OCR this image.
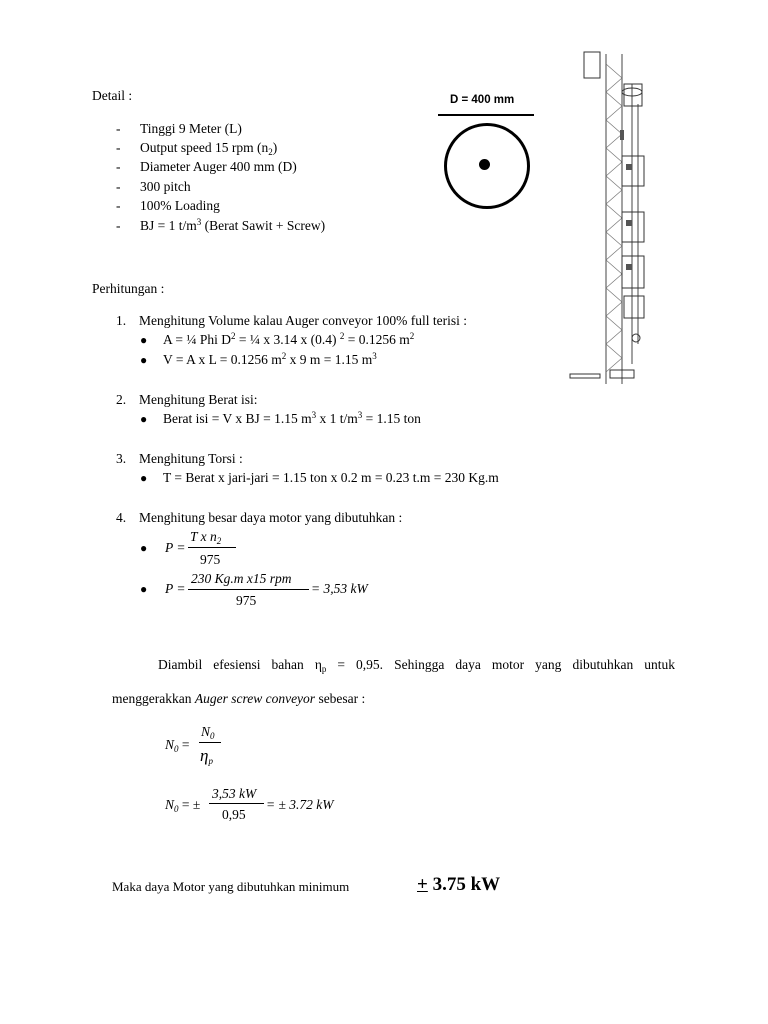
Detail :
- Tinggi 9 Meter (L)
- Output speed 15 rpm $(n_2)$
- Diameter Auger 400 mm (D)
- 300 pitch
- 100% Loading
- BJ = 1 $t/m^3$ (Berat Sawit + Screw)
D = 400 mm
Perhitungan :
1. Menghitung Volume kalau Auger conveyor 100% full terisi :
● A = ¼ Phi $D^2$ = ¼ x 3.14 x (0.4) $^2$ = 0.1256 $m^2$
● V = A x L = 0.1256 $m^2$ x 9 m = 1.15 $m^3$
2. Menghitung Berat isi:
● Berat isi = V x BJ = 1.15 $m^3$ x 1 $t/m^3 = 1.15$ ton
3. Menghitung Torsi :
● T = Berat x jari-jari = 1.15 ton x 0.2 m = 0.23 t.m = 230 Kg.m
4. Menghitung besar daya motor yang dibutuhkan :
● P =
T x $n_2$
975
● P =
230 Kg.m x15 rpm
975
= 3,53 kW
Diambil efesiensi bahan $\eta_p = 0,95$. Sehingga daya motor yang dibutuhkan untuk
menggerakkan Auger screw conveyor sebesar :
$N_0$ =
$N_0$
$\eta_p$
$N_0$ = ±
3,53 kW
0,95
= ± 3.72 kW
Maka daya Motor yang dibutuhkan minimum	+ 3.75 kW
